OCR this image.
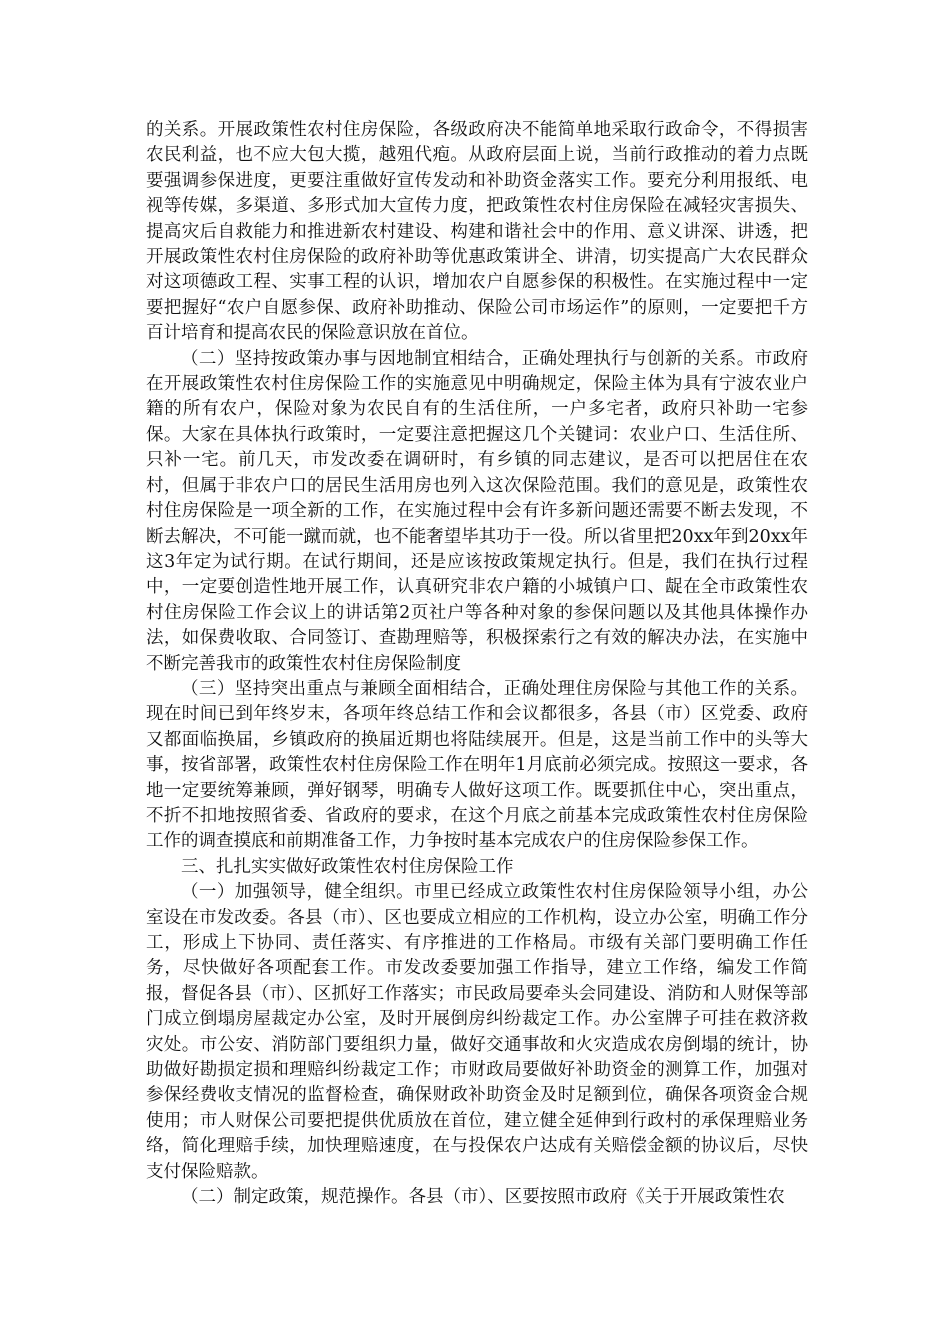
的关系。开展政策性农村住房保险，各级政府决不能简单地采取行政命令，不得损害农民利益，也不应大包大揽，越殂代疱。从政府层面上说，当前行政推动的着力点既要强调参保进度，更要注重做好宣传发动和补助资金落实工作。要充分利用报纸、电视等传媒，多渠道、多形式加大宣传力度，把政策性农村住房保险在减轻灾害损失、提高灾后自救能力和推进新农村建设、构建和谐社会中的作用、意义讲深、讲透，把开展政策性农村住房保险的政府补助等优惠政策讲全、讲清，切实提高广大农民群众对这项德政工程、实事工程的认识，增加农户自愿参保的积极性。在实施过程中一定要把握好“农户自愿参保、政府补助推动、保险公司市场运作”的原则，一定要把千方百计培育和提高农民的保险意识放在首位。

（二）坚持按政策办事与因地制宜相结合，正确处理执行与创新的关系。市政府在开展政策性农村住房保险工作的实施意见中明确规定，保险主体为具有宁波农业户籍的所有农户，保险对象为农民自有的生活住所，一户多宅者，政府只补助一宅参保。大家在具体执行政策时，一定要注意把握这几个关键词：农业户口、生活住所、只补一宅。前几天，市发改委在调研时，有乡镇的同志建议，是否可以把居住在农村，但属于非农户口的居民生活用房也列入这次保险范围。我们的意见是，政策性农村住房保险是一项全新的工作，在实施过程中会有许多新问题还需要不断去发现，不断去解决，不可能一蹴而就，也不能奢望毕其功于一役。所以省里把20xx年到20xx年这3年定为试行期。在试行期间，还是应该按政策规定执行。但是，我们在执行过程中，一定要创造性地开展工作，认真研究非农户籍的小城镇户口、龊在全市政策性农村住房保险工作会议上的讲话第2页社户等各种对象的参保问题以及其他具体操作办法，如保费收取、合同签订、查勘理赔等，积极探索行之有效的解决办法，在实施中不断完善我市的政策性农村住房保险制度

（三）坚持突出重点与兼顾全面相结合，正确处理住房保险与其他工作的关系。现在时间已到年终岁末，各项年终总结工作和会议都很多，各县（市）区党委、政府又都面临换届，乡镇政府的换届近期也将陆续展开。但是，这是当前工作中的头等大事，按省部署，政策性农村住房保险工作在明年1月底前必须完成。按照这一要求，各地一定要统筹兼顾，弹好钢琴，明确专人做好这项工作。既要抓住中心，突出重点，不折不扣地按照省委、省政府的要求，在这个月底之前基本完成政策性农村住房保险工作的调查摸底和前期准备工作，力争按时基本完成农户的住房保险参保工作。

三、扎扎实实做好政策性农村住房保险工作

（一）加强领导，健全组织。市里已经成立政策性农村住房保险领导小组，办公室设在市发改委。各县（市）、区也要成立相应的工作机构，设立办公室，明确工作分工，形成上下协同、责任落实、有序推进的工作格局。市级有关部门要明确工作任务，尽快做好各项配套工作。市发改委要加强工作指导，建立工作络，编发工作简报，督促各县（市）、区抓好工作落实；市民政局要牵头会同建设、消防和人财保等部门成立倒塌房屋裁定办公室，及时开展倒房纠纷裁定工作。办公室牌子可挂在救济救灾处。市公安、消防部门要组织力量，做好交通事故和火灾造成农房倒塌的统计，协助做好勘损定损和理赔纠纷裁定工作；市财政局要做好补助资金的测算工作，加强对参保经费收支情况的监督检查，确保财政补助资金及时足额到位，确保各项资金合规使用；市人财保公司要把提供优质放在首位，建立健全延伸到行政村的承保理赔业务络，简化理赔手续，加快理赔速度，在与投保农户达成有关赔偿金额的协议后，尽快支付保险赔款。

（二）制定政策，规范操作。各县（市）、区要按照市政府《关于开展政策性农
